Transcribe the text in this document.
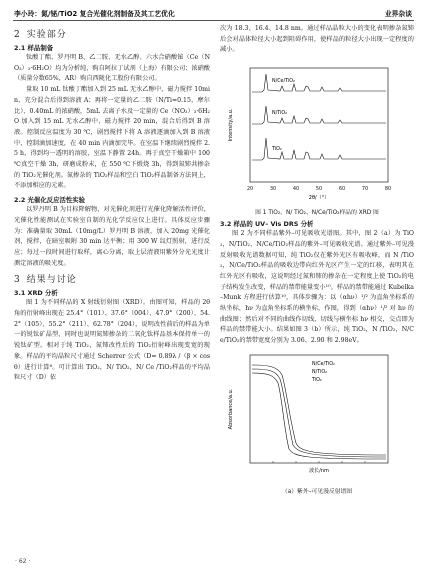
李小玲：氮/铋/TiO2 复合光催化剂制备及其工艺优化	业界杂谈
2 实验部分
2.1 样品制备

钛酸丁酯、罗丹明 B、乙二胺、无水乙醇、六水合硝酸铋（Ce（NO₃）₃·6H₂O）均为分析纯，购自阿拉丁试剂（上海）有限公司；浓硝酸（质量分数65%，AR）购自西陇化工股份有限公司。

量取 10 mL 钛酸丁酯加入到 25 mL 无水乙醇中，磁力搅拌 10min，充分混合后得到溶液 A；再将一定量的乙二胺（N/Ti=0.15，摩尔比）、0.40mL 的浓硝酸，5mL 去离子水及一定量的 Ce（NO₃）₃·6H₂O 加入到 15 mL 无水乙醇中，磁力搅拌 20 min，混合后得到 B 溶液。控制反应温度为 30 ℃，剧烈搅拌下将 A 溶液逐滴加入到 B 溶液中，控制滴加速度，在 40 min 内滴加完毕。在室温下继续剧烈搅拌 2.5 h，得到均一透明的溶胶，室温下静置 24h。再于真空干燥箱中 100 ℃真空干燥 3h，研磨成粉末，在 550 ℃下煅烧 3h，得到氮铈共掺杂的 TiO₂光催化剂。氮掺杂的 TiO₂样品和空白 TiO₂样品制备方法同上，不添加相应的元素。

2.2 光催化反应活性实验

以罗丹明 B 为目标降解物，对光催化剂进行光催化降解活性评价，光催化性能测试在实验室自制的光化学反应仪上进行。具体反应步骤为：准确量取 30mL（10mg/L）罗丹明 B 溶液，加入 20mg 光催化剂，搅拌，在暗室吸附 30 min 达平衡；用 300 W 氙灯照射，进行反应；每过一段时间进行取样，离心分离，取上层清液用紫外分光光度计测定溶液的吸光度。

3 结果与讨论
3.1 XRD 分析

图 1 为不同样品的 X 射线衍射图（XRD）。由图可知，样品的 2θ 角的衍射峰出现在 25.4°（101）、37.6°（004）、47.9°（200）、54.2°（105）、55.2°（211）、62.78°（204），说明改性前后的样品为单一的锐钛矿晶型，同时也说明氮铈掺杂的二氧化钛样品基本保持单一的锐钛矿型。相对于纯 TiO₂，氮铈改性后的 TiO₂衍射峰出现变宽的现象。样品的平均晶粒尺寸通过 Scherrer 公式（D= 0.89λ /（β × cos θ）进行计算⁸。可计算出 TiO₂，N/ TiO₂，N/ Ce /TiO₂样品的平均晶粒尺寸（D）依

次为 18.3、16.4、14.8 nm。通过样品晶粒大小的变化表明掺杂氮铈后会对晶体粒径大小起到阻碍作用，使样品的粒径大小出现一定程度的减小。

Intensity/a.u.
20	30	40	50	60	70	80
2θ/（°）
N/Ce/TiO₂
N/TiO₂
TiO₂
图 1 TiO₂、N/ TiO₂、N/Ce/TiO₂样品的 XRD 图
3.2 样品的 UV– Vis DRS 分析

图 2 为不同样品紫外–可见吸收光谱图。其中，图 2（a）为 TiO₂，N/TiO₂，N/Ce/TiO₂样品的紫外–可见吸收光谱。通过紫外–可见漫反射吸收光谱数据可知，纯 TiO₂仅在紫外光区有吸收峰，而 N /TiO₂，N/Ce/TiO₂样品的吸收边带向红外光区产生一定的红移，表明其在红外光区有吸收，这说明经过氮和铈的掺杂在一定程度上使 TiO₂的电子结构发生改变，样品的禁带能量变小¹⁰。样品的禁带能通过 Kubelka–Munk 方程进行估算¹⁰，具体步骤为：以（αhν）¹/² 为直角坐标系的纵坐标，hν 为直角坐标系的横坐标，作图，得到（αhν）¹/² 对 hν 的曲线图；然后对不同的曲线作切线，切线与横坐标 hν 相交，交点即为样品的禁带能大小。结果如图 3（b）所示，纯 TiO₂，N /TiO₂，N/Ce/TiO₂的禁带宽度分别为 3.06、2.90 和 2.98eV。

Absorbance/a.u.
波长/nm
N/Ce/TiO₂
N/TiO₂
TiO₂
（a）紫外–可见漫反射谱图
· 62 ·
